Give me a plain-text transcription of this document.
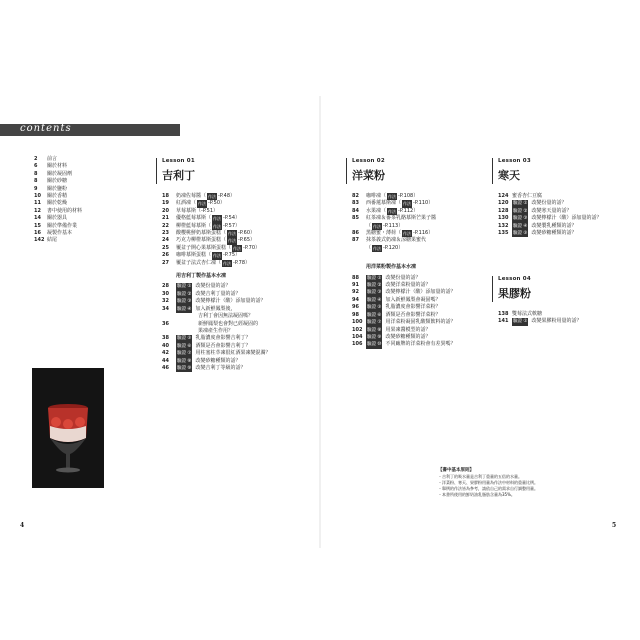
contents
2	前言
6	關於材料
8	關於凝固劑
8	關於砂糖
9	關於鹽粉
10	關於香精
11	關於乾燥
12	書中使用的材料
14	關於器具
15	關於準備作業
16	凝製作基本
142 結尾
4	5
Lesson 01
吉利丁
18	奶凍佐莓醬（ 作法 -P.48）
19	紅酒凍（ 作法 -P.50）
20	草莓慕斯（ -P.51）
21	優格藍莓慕斯（ 作法 -P.54）
22	柳橙藍莓慕斯（ 作法 -P.57）
23	酸櫻桃鮮奶慕斯蛋糕（ 作法 -P.60）
24	巧克力柳橙慕斯蛋糕（ 作法 -P.65）
25	覆盆子開心果慕斯蛋糕（ 作法 -P.70）
26	咖啡慕斯蛋糕（ 作法 -P.75）
27	覆盆子法式杏仁凍（ 作法 -P.78）
用吉利丁製作基本水凍
28	驗證 ① 改變份量的話？
30	驗證 ② 改變吉利丁量的話？
32	驗證 ③ 改變檸檬汁（酸）添加量的話？
34	驗證 ④ 加入新鮮鳳梨後，
吉利丁會因無法凝固嗎？
36	新鮮鳳梨也會對已經凝固的
果凍產生作用？
38	驗證 ⑤ 乳脂濃度會影響吉利丁？
40	驗證 ⑥ 酒類是否會影響吉利丁？
42	驗證 ⑦ 用柱塞柱萃凍很紅酒果凍變混濁？
44	驗證 ⑧ 改變砂糖種類的話？
46	驗證 ⑨ 改變吉利丁等級的話？
Lesson 02
洋菜粉
82	咖啡凍（ 作法 -P.108）
83	西番蓮慕斯凍（ 作法 -P.110）
84	水果凍（ 作法 -P.112）
85	紅茶凍＆番茶乳酪慕斯芒果子醬
（ 作法 -P.113）
86	黑糖蜜・薄荷（ 作法 -P.116）
87	抹茶義式奶凍＆涼糖果蜜代
（ 作法 -P.120）
用洋菜粉製作基本水凍
88	驗證 ① 改變份量的話？
91	驗證 ② 改變洋菜粉量的話？
92	驗證 ③ 改變檸檬汁（酸）添加量的話？
94	驗證 ④ 加入新鮮鳳梨會凝固嗎？
96	驗證 ⑤ 乳脂濃度會影響洋菜粉？
98	驗證 ⑥ 酒類是否會影響洋菜粉？
100	驗證 ⑦ 用洋菜粉凝固乳酸類飲料的話？
102	驗證 ⑧ 用果凍醬模型的話？
104	驗證 ⑨ 改變砂糖種類的話？
106	驗證 ⑩ 不同廠牌的洋菜粉會有差異嗎？
Lesson 03
寒天
124 蜜香杏仁豆腐
120	驗證 ① 改變份量的話？
128	驗證 ② 改變寒天量的話？
130	驗證 ③ 改變檸檬汁（酸）添加量的話？
132	驗證 ④ 改變製乳種類的話？
135	驗證 ⑤ 改變砂糖種類的話？
Lesson 04
果膠粉
138 雙莓法式軟糖
141	驗證 ① 改變果膠粉用量的話？
【書中基本原則】
・吉利丁的吸水量是吉利丁重量的五倍的水量。
・洋菜粉、寒天、果膠粉用量為作法中材料的重量比例。
・舉例的作法皆為參考，請依自己的需求自行調整用量。
・本書所使用的鮮奶油乳脂肪含量為35%。
